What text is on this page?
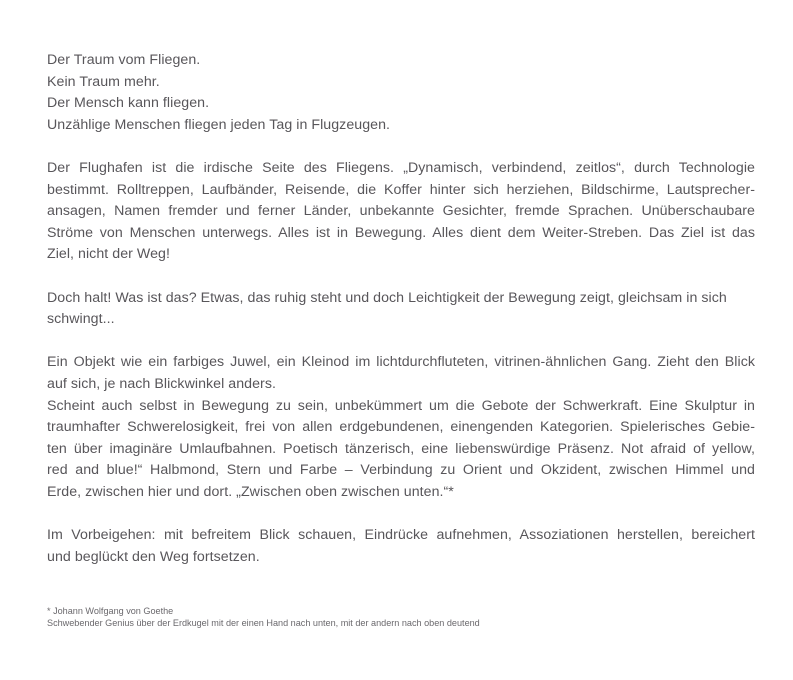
Der Traum vom Fliegen.
Kein Traum mehr.
Der Mensch kann fliegen.
Unzählige Menschen fliegen jeden Tag in Flugzeugen.

Der Flughafen ist die irdische Seite des Fliegens. „Dynamisch, verbindend, zeitlos“, durch Technologie
bestimmt. Rolltreppen, Laufbänder, Reisende, die Koffer hinter sich herziehen, Bildschirme, Lautsprecher-
ansagen, Namen fremder und ferner Länder, unbekannte Gesichter, fremde Sprachen. Unüberschaubare
Ströme von Menschen unterwegs. Alles ist in Bewegung. Alles dient dem Weiter-Streben. Das Ziel ist das
Ziel, nicht der Weg!

Doch halt! Was ist das? Etwas, das ruhig steht und doch Leichtigkeit der Bewegung zeigt, gleichsam in sich
schwingt...

Ein Objekt wie ein farbiges Juwel, ein Kleinod im lichtdurchfluteten, vitrinen-ähnlichen Gang. Zieht den Blick
auf sich, je nach Blickwinkel anders.
Scheint auch selbst in Bewegung zu sein, unbekümmert um die Gebote der Schwerkraft. Eine Skulptur in
traumhafter Schwerelosigkeit, frei von allen erdgebundenen, einengenden Kategorien. Spielerisches Gebie-
ten über imaginäre Umlaufbahnen. Poetisch tänzerisch, eine liebenswürdige Präsenz. Not afraid of yellow,
red and blue!“ Halbmond, Stern und Farbe – Verbindung zu Orient und Okzident, zwischen Himmel und
Erde, zwischen hier und dort. „Zwischen oben zwischen unten.“*

Im Vorbeigehen: mit befreitem Blick schauen, Eindrücke aufnehmen, Assoziationen herstellen, bereichert
und beglückt den Weg fortsetzen.

* Johann Wolfgang von Goethe
Schwebender Genius über der Erdkugel mit der einen Hand nach unten, mit der andern nach oben deutend
